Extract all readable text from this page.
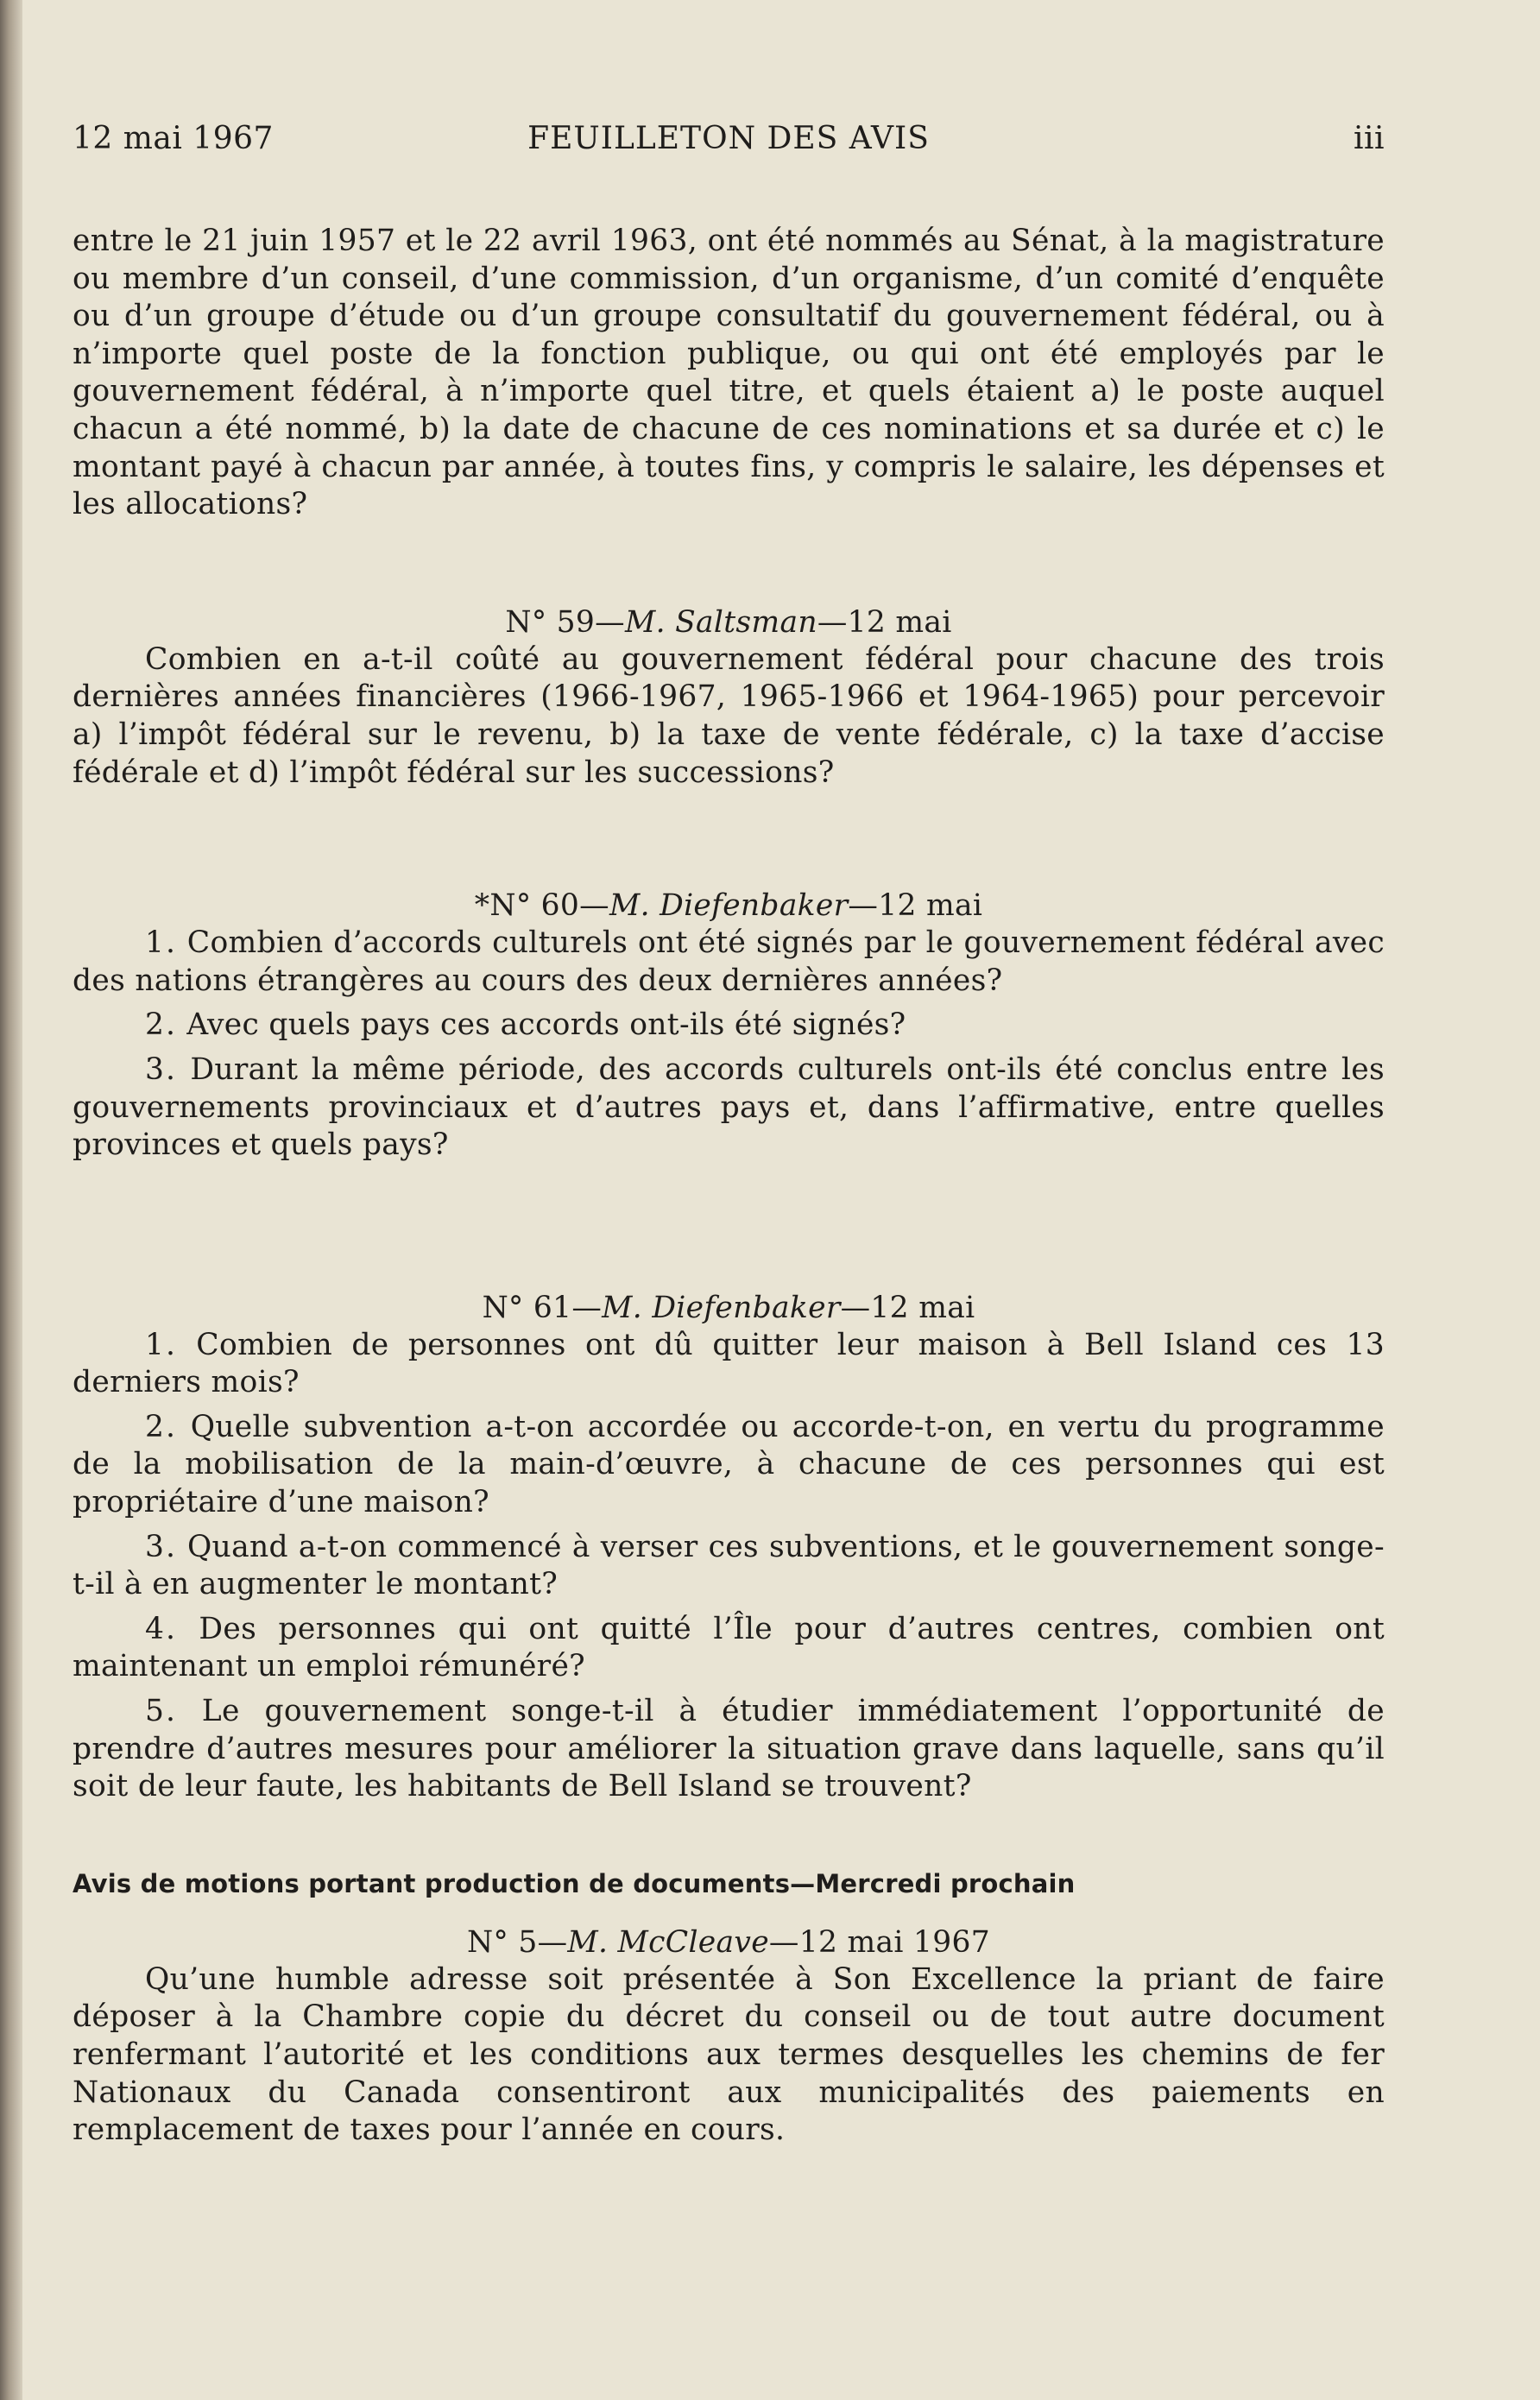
12 mai 1967	FEUILLETON DES AVIS	iii

entre le 21 juin 1957 et le 22 avril 1963, ont été nommés au Sénat, à la magistrature ou membre d’un conseil, d’une commission, d’un organisme, d’un comité d’enquête ou d’un groupe d’étude ou d’un groupe consultatif du gouvernement fédéral, ou à n’importe quel poste de la fonction publique, ou qui ont été employés par le gouvernement fédéral, à n’importe quel titre, et quels étaient a) le poste auquel chacun a été nommé, b) la date de chacune de ces nominations et sa durée et c) le montant payé à chacun par année, à toutes fins, y compris le salaire, les dépenses et les allocations?

N° 59—M. Saltsman—12 mai

Combien en a-t-il coûté au gouvernement fédéral pour chacune des trois dernières années financières (1966-1967, 1965-1966 et 1964-1965) pour percevoir a) l’impôt fédéral sur le revenu, b) la taxe de vente fédérale, c) la taxe d’accise fédérale et d) l’impôt fédéral sur les successions?

*N° 60—M. Diefenbaker—12 mai

1. Combien d’accords culturels ont été signés par le gouvernement fédéral avec des nations étrangères au cours des deux dernières années?

2. Avec quels pays ces accords ont-ils été signés?

3. Durant la même période, des accords culturels ont-ils été conclus entre les gouvernements provinciaux et d’autres pays et, dans l’affirmative, entre quelles provinces et quels pays?

N° 61—M. Diefenbaker—12 mai

1. Combien de personnes ont dû quitter leur maison à Bell Island ces 13 derniers mois?

2. Quelle subvention a-t-on accordée ou accorde-t-on, en vertu du programme de la mobilisation de la main-d’œuvre, à chacune de ces personnes qui est propriétaire d’une maison?

3. Quand a-t-on commencé à verser ces subventions, et le gouvernement songe-t-il à en augmenter le montant?

4. Des personnes qui ont quitté l’Île pour d’autres centres, combien ont maintenant un emploi rémunéré?

5. Le gouvernement songe-t-il à étudier immédiatement l’opportunité de prendre d’autres mesures pour améliorer la situation grave dans laquelle, sans qu’il soit de leur faute, les habitants de Bell Island se trouvent?

Avis de motions portant production de documents—Mercredi prochain

N° 5—M. McCleave—12 mai 1967

Qu’une humble adresse soit présentée à Son Excellence la priant de faire déposer à la Chambre copie du décret du conseil ou de tout autre document renfermant l’autorité et les conditions aux termes desquelles les chemins de fer Nationaux du Canada consentiront aux municipalités des paiements en remplacement de taxes pour l’année en cours.
